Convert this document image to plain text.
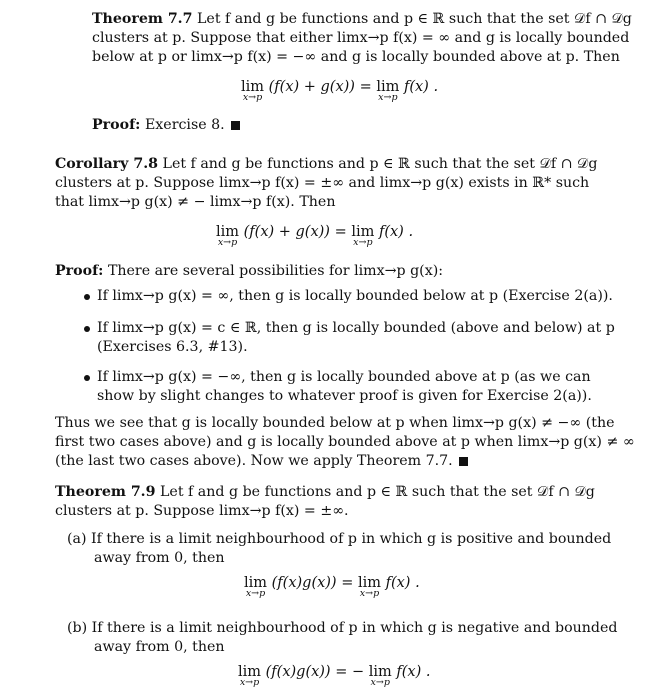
Theorem 7.7 Let f and g be functions and p ∈ ℝ such that the set 𝒟f ∩ 𝒟g
clusters at p. Suppose that either limx→p f(x) = ∞ and g is locally bounded
below at p or limx→p f(x) = −∞ and g is locally bounded above at p. Then
lim
x→p
(f(x) + g(x)) = lim
x→p
f(x) .
Proof: Exercise 8.
Corollary 7.8 Let f and g be functions and p ∈ ℝ such that the set 𝒟f ∩ 𝒟g
clusters at p. Suppose limx→p f(x) = ±∞ and limx→p g(x) exists in ℝ* such
that limx→p g(x) ≠ − limx→p f(x). Then
lim
x→p
(f(x) + g(x)) = lim
x→p
f(x) .
Proof: There are several possibilities for limx→p g(x):
If limx→p g(x) = ∞, then g is locally bounded below at p (Exercise 2(a)).
If limx→p g(x) = c ∈ ℝ, then g is locally bounded (above and below) at p
(Exercises 6.3, #13).
If limx→p g(x) = −∞, then g is locally bounded above at p (as we can
show by slight changes to whatever proof is given for Exercise 2(a)).
Thus we see that g is locally bounded below at p when limx→p g(x) ≠ −∞ (the
first two cases above) and g is locally bounded above at p when limx→p g(x) ≠ ∞
(the last two cases above). Now we apply Theorem 7.7.
Theorem 7.9 Let f and g be functions and p ∈ ℝ such that the set 𝒟f ∩ 𝒟g
clusters at p. Suppose limx→p f(x) = ±∞.
(a) If there is a limit neighbourhood of p in which g is positive and bounded
away from 0, then
lim
x→p
(f(x)g(x)) = lim
x→p
f(x) .
(b) If there is a limit neighbourhood of p in which g is negative and bounded
away from 0, then
lim
x→p
(f(x)g(x)) = − lim
x→p
f(x) .
